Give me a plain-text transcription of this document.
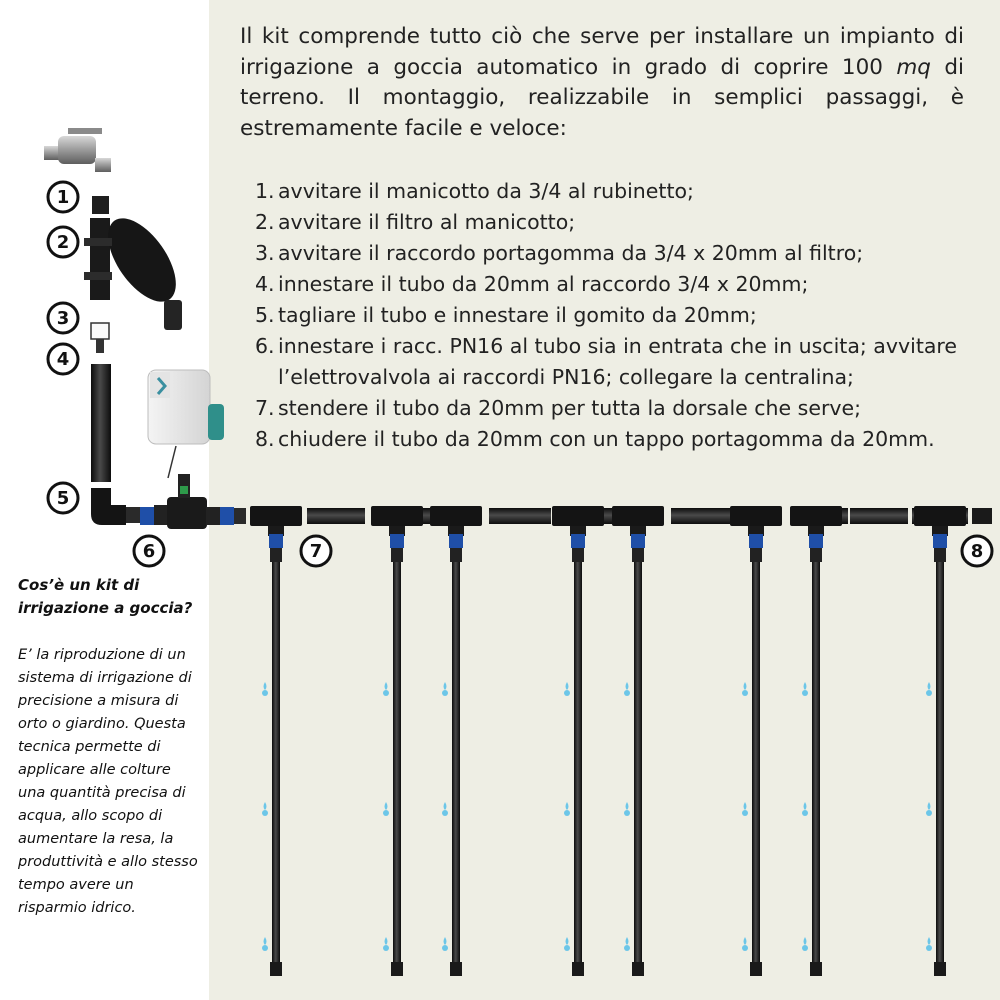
Il kit comprende tutto ciò che serve per installare un impianto di irrigazione a goccia automatico in grado di coprire 100 mq di terreno. Il montaggio, realizzabile in semplici passaggi, è estremamente facile e veloce:
1. avvitare il manicotto da 3/4 al rubinetto;
2. avvitare il filtro al manicotto;
3. avvitare il raccordo portagomma da 3/4 x 20mm al filtro;
4. innestare il tubo da 20mm al raccordo 3/4 x 20mm;
5. tagliare il tubo e innestare il gomito da 20mm;
6. innestare i racc. PN16 al tubo sia in entrata che in uscita; avvitare l’elettrovalvola ai raccordi PN16; collegare la centralina;
7. stendere il tubo da 20mm per tutta la dorsale che serve;
8. chiudere il tubo da 20mm con un tappo portagomma da 20mm.

Cos’è un kit di irrigazione a goccia?

E’ la riproduzione di un sistema di irrigazione di precisione a misura di orto o giardino. Questa tecnica permette di applicare alle colture una quantità precisa di acqua, allo scopo di aumentare la resa, la produttività e allo stesso tempo avere un risparmio idrico.

1
2
3
4
5
6	7	8
